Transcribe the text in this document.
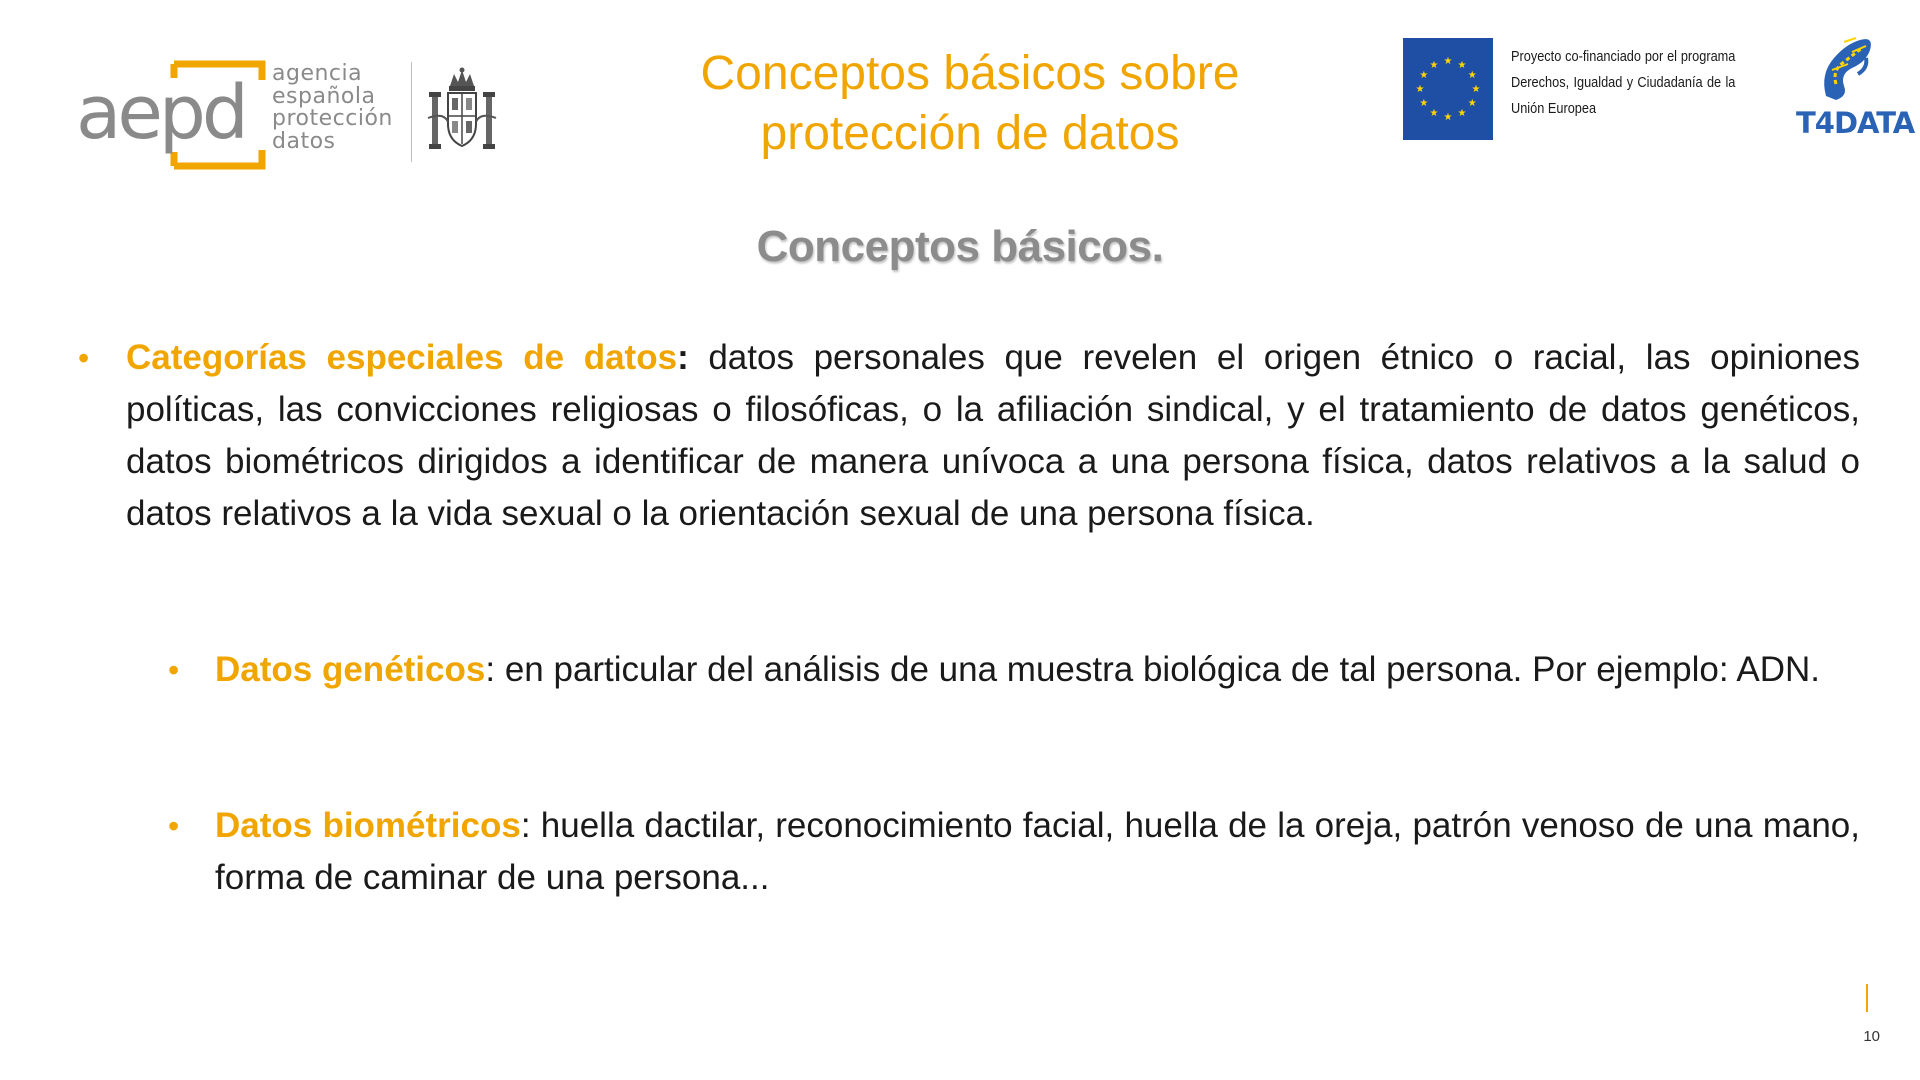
aepd agencia
española
protección
datos
Conceptos básicos sobre
protección de datos
★ ★
★
★
★
★
★
★
★
★
★
★
Proyecto co-financiado por el programa
Derechos, Igualdad y Ciudadanía de la
Unión Europea	T4DATA
Conceptos básicos.
• Categorías especiales de datos: datos personales que revelen el origen étnico o racial, las opiniones políticas, las convicciones religiosas o filosóficas, o la afiliación sindical, y el tratamiento de datos genéticos, datos biométricos dirigidos a identificar de manera unívoca a una persona física, datos relativos a la salud o datos relativos a la vida sexual o la orientación sexual de una persona física.
• Datos genéticos: en particular del análisis de una muestra biológica de tal persona. Por ejemplo: ADN.
• Datos biométricos: huella dactilar, reconocimiento facial, huella de la oreja, patrón venoso de una mano, forma de caminar de una persona...
10
